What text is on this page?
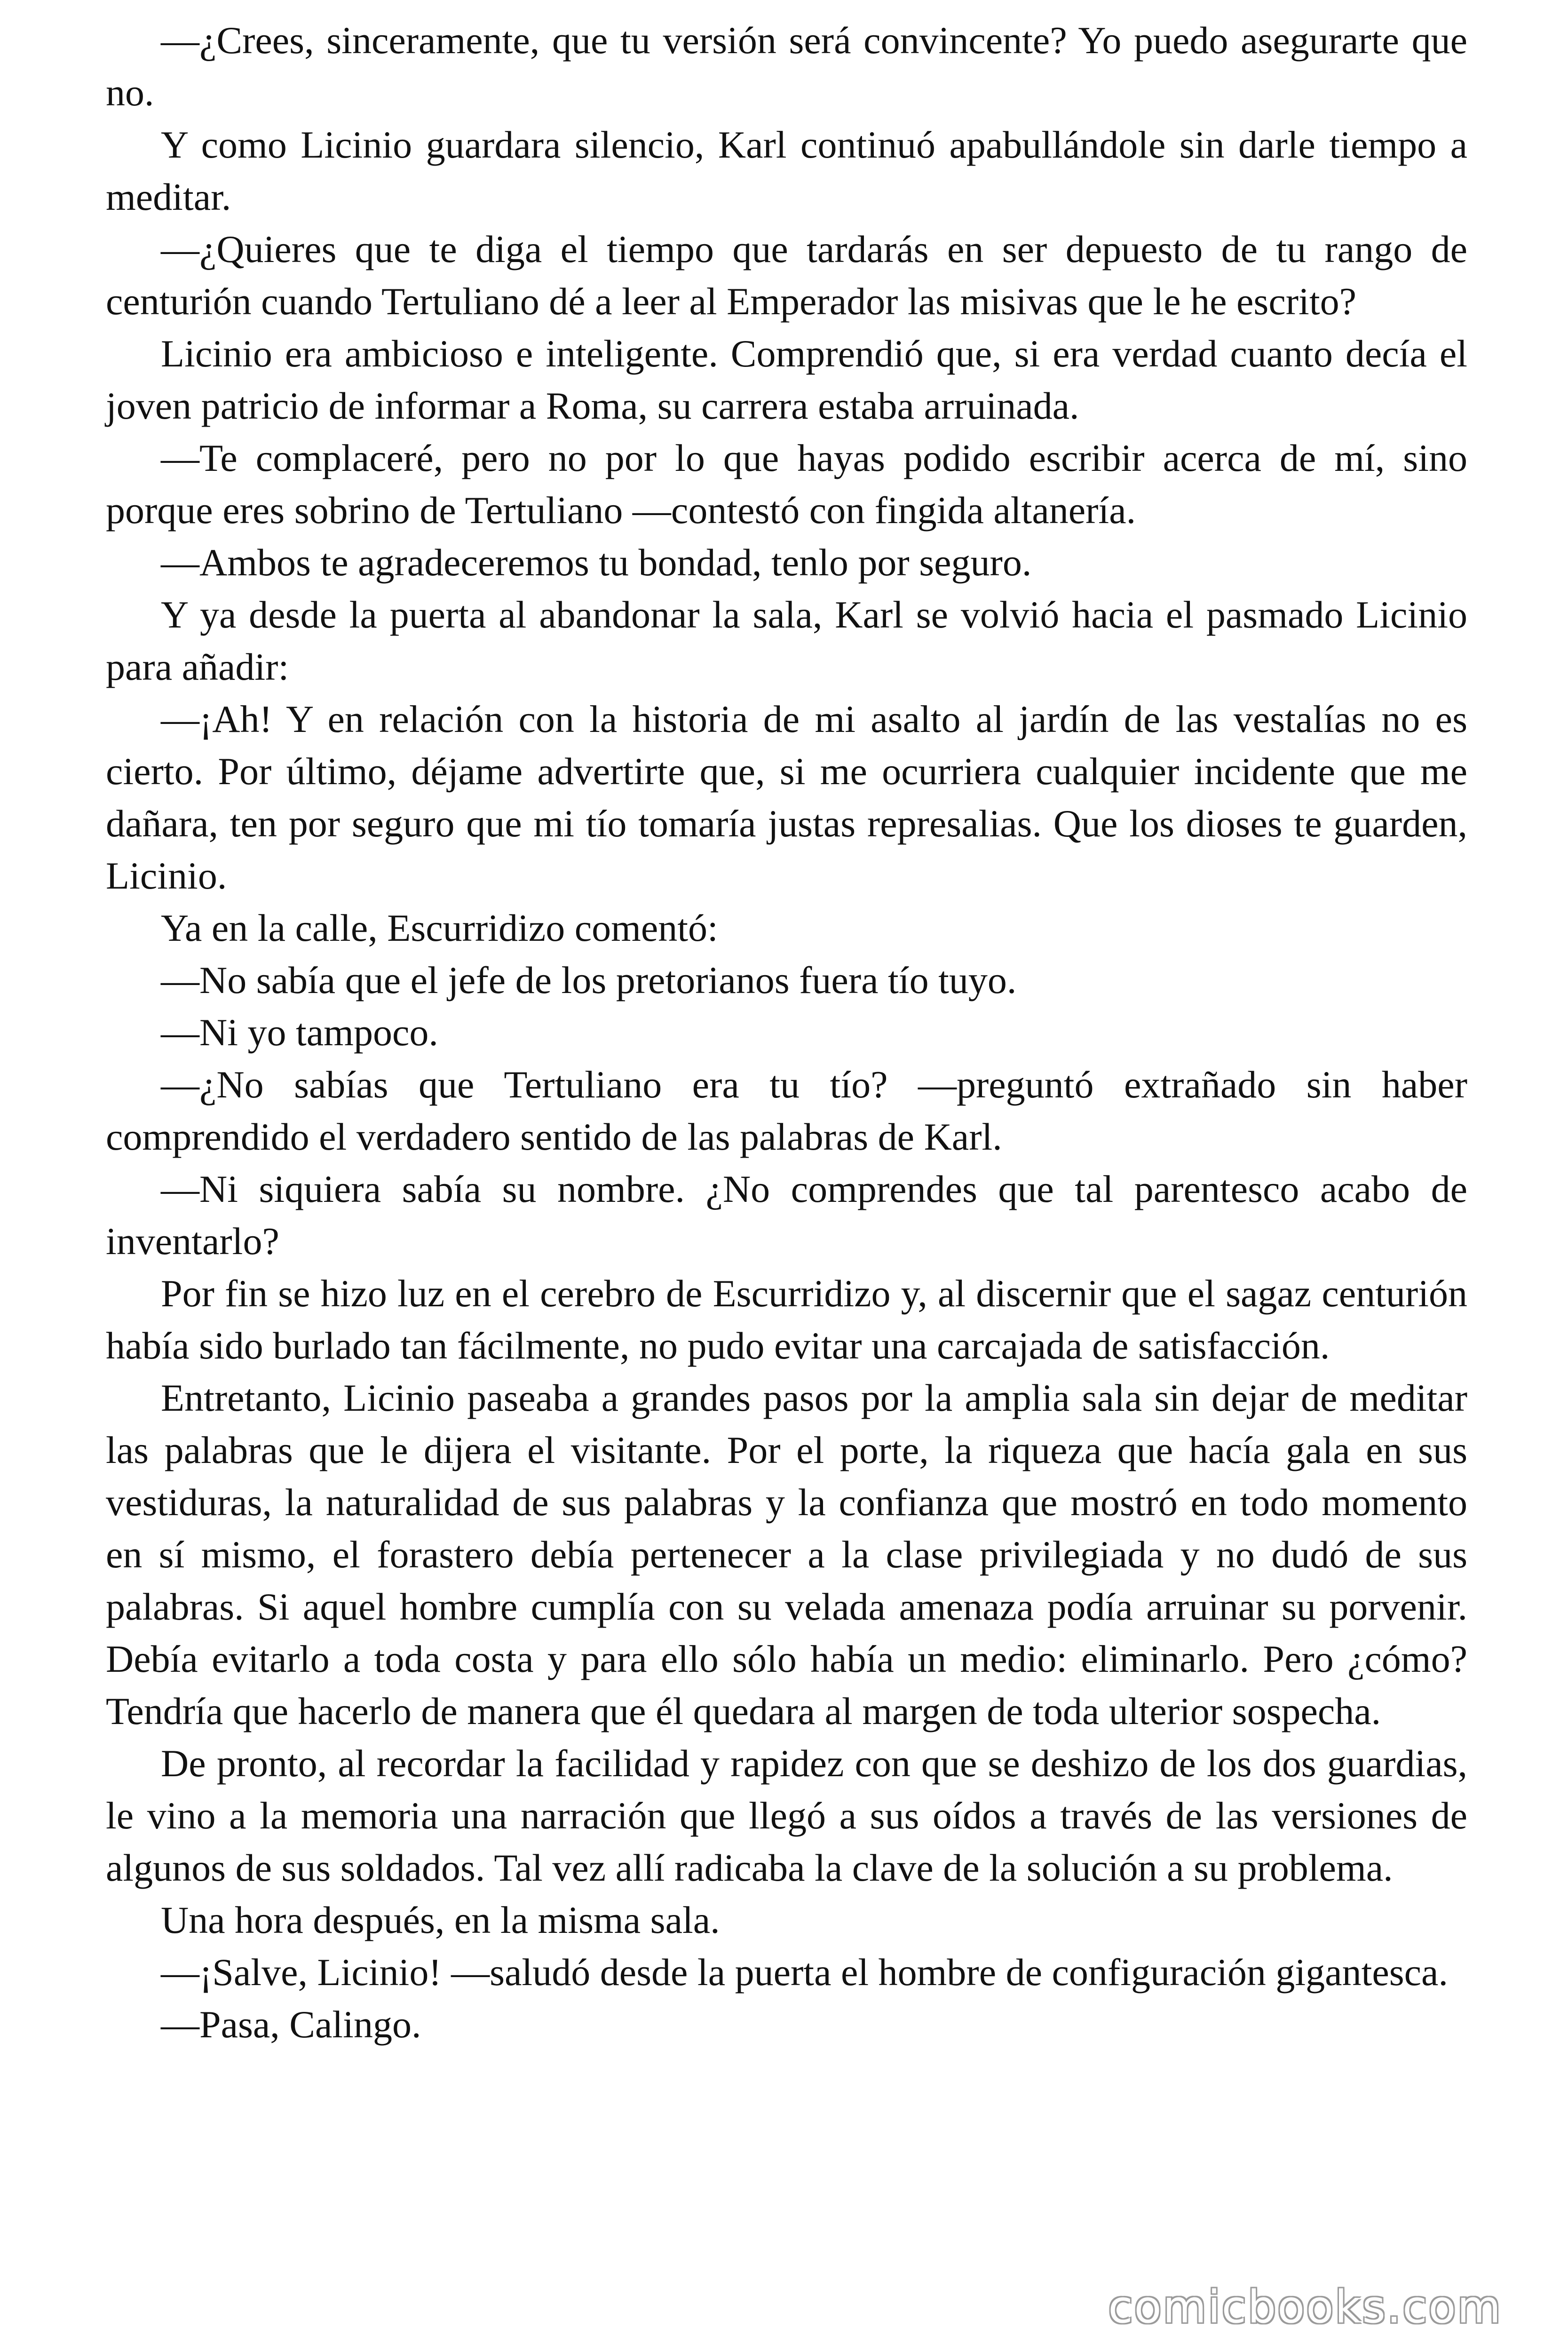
—¿Crees, sinceramente, que tu versión será convincente? Yo puedo asegurarte que no.

Y como Licinio guardara silencio, Karl continuó apabullándole sin darle tiempo a meditar.

—¿Quieres que te diga el tiempo que tardarás en ser depuesto de tu rango de centurión cuando Tertuliano dé a leer al Emperador las misivas que le he escrito?

Licinio era ambicioso e inteligente. Comprendió que, si era verdad cuanto decía el joven patricio de informar a Roma, su carrera estaba arruinada.

—Te complaceré, pero no por lo que hayas podido escribir acerca de mí, sino porque eres sobrino de Tertuliano —contestó con fingida altanería.

—Ambos te agradeceremos tu bondad, tenlo por seguro.

Y ya desde la puerta al abandonar la sala, Karl se volvió hacia el pasmado Licinio para añadir:

—¡Ah! Y en relación con la historia de mi asalto al jardín de las vestalías no es cierto. Por último, déjame advertirte que, si me ocurriera cualquier incidente que me dañara, ten por seguro que mi tío tomaría justas represalias. Que los dioses te guarden, Licinio.

Ya en la calle, Escurridizo comentó:

—No sabía que el jefe de los pretorianos fuera tío tuyo.

—Ni yo tampoco.

—¿No sabías que Tertuliano era tu tío? —preguntó extrañado sin haber comprendido el verdadero sentido de las palabras de Karl.

—Ni siquiera sabía su nombre. ¿No comprendes que tal parentesco acabo de inventarlo?

Por fin se hizo luz en el cerebro de Escurridizo y, al discernir que el sagaz centurión había sido burlado tan fácilmente, no pudo evitar una carcajada de satisfacción.

Entretanto, Licinio paseaba a grandes pasos por la amplia sala sin dejar de meditar las palabras que le dijera el visitante. Por el porte, la riqueza que hacía gala en sus vestiduras, la naturalidad de sus palabras y la confianza que mostró en todo momento en sí mismo, el forastero debía pertenecer a la clase privilegiada y no dudó de sus palabras. Si aquel hombre cumplía con su velada amenaza podía arruinar su porvenir. Debía evitarlo a toda costa y para ello sólo había un medio: eliminarlo. Pero ¿cómo? Tendría que hacerlo de manera que él quedara al margen de toda ulterior sospecha.

De pronto, al recordar la facilidad y rapidez con que se deshizo de los dos guardias, le vino a la memoria una narración que llegó a sus oídos a través de las versiones de algunos de sus soldados. Tal vez allí radicaba la clave de la solución a su problema.

Una hora después, en la misma sala.

—¡Salve, Licinio! —saludó desde la puerta el hombre de configuración gigantesca.

—Pasa, Calingo.

comicbooks.com
